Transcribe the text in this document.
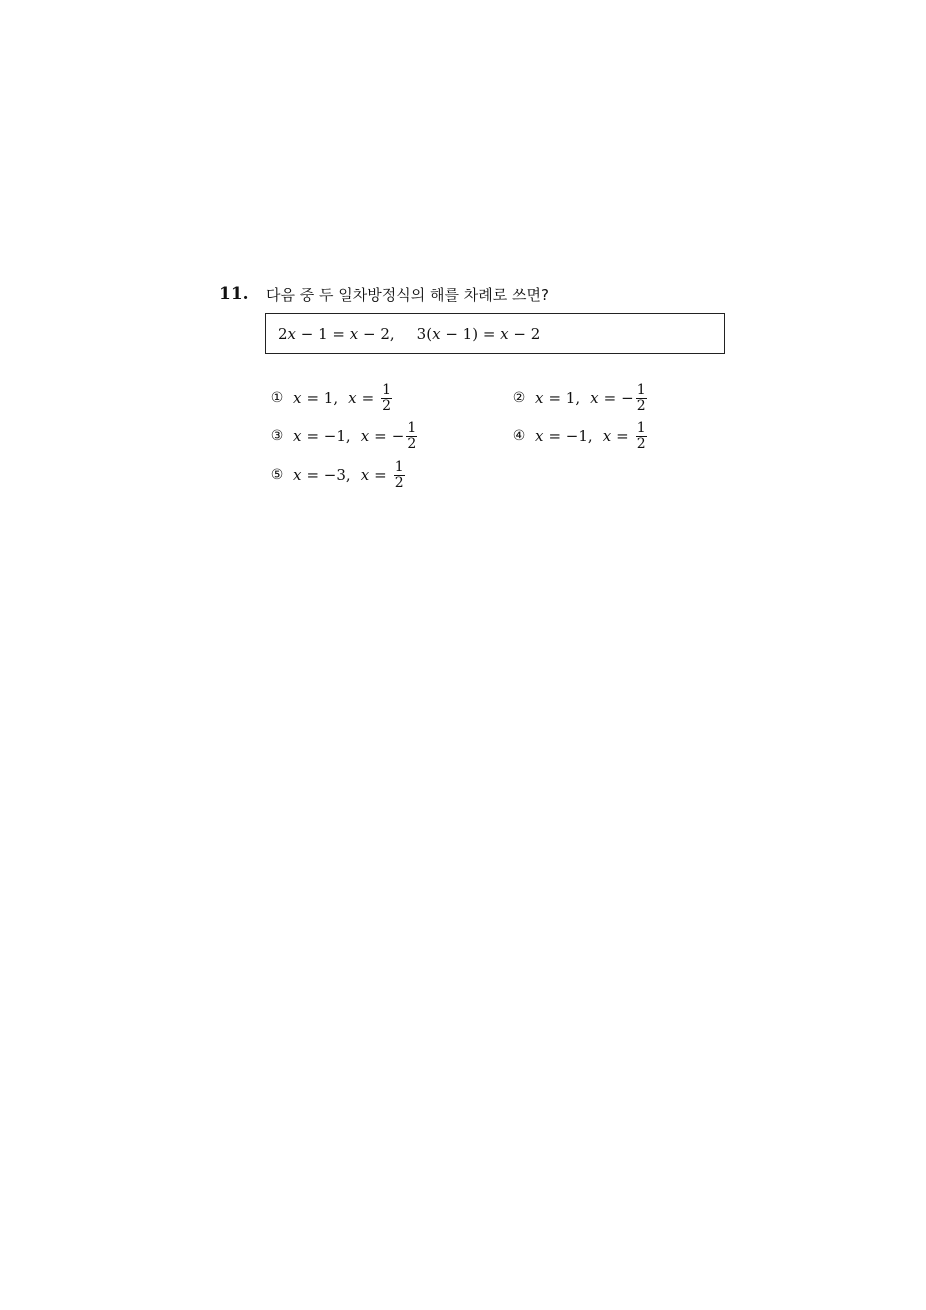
11. 다음 중 두 일차방정식의 해를 차례로 쓰면?
2x − 1 = x − 2, 3(x − 1) = x − 2
① x = 1, $x = \frac{1}{2}$	② x = 1, x = − $\frac{1}{2}$
③ x = −1, x = − $\frac{1}{2}$	④ x = −1, $x = \frac{1}{2}$
⑤ x = −3, $x = \frac{1}{2}$
